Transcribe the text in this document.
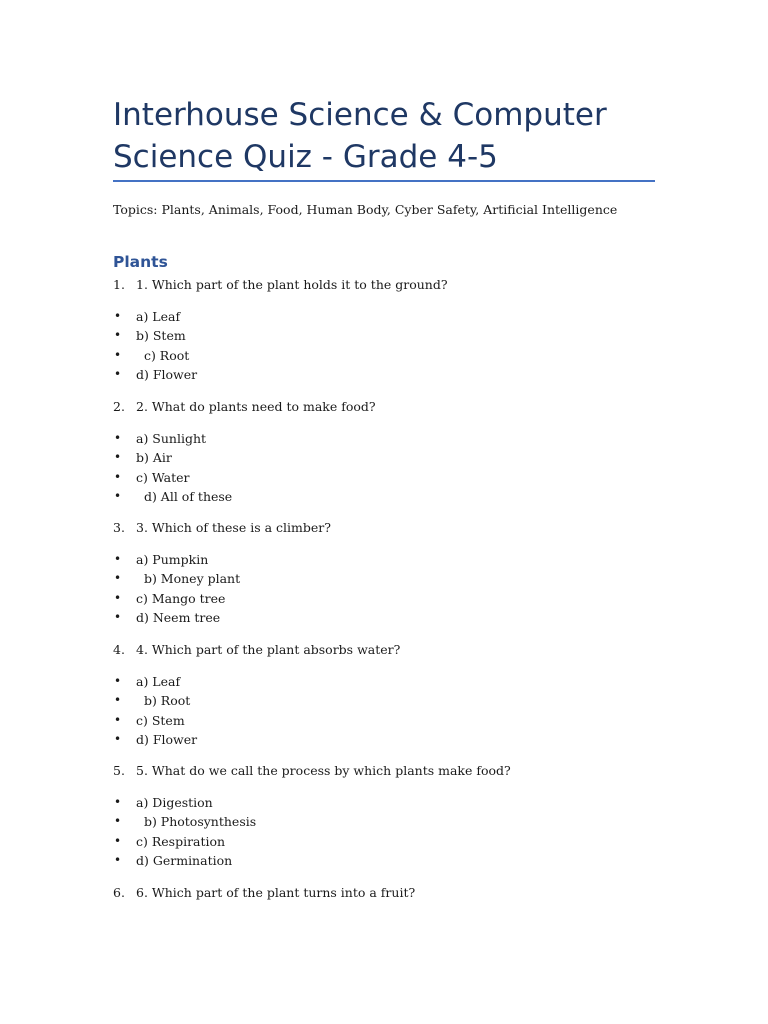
Interhouse Science & Computer Science Quiz - Grade 4-5
Topics: Plants, Animals, Food, Human Body, Cyber Safety, Artificial Intelligence
Plants
1. 1. Which part of the plant holds it to the ground?
• a) Leaf
• b) Stem
• c) Root
• d) Flower
2. 2. What do plants need to make food?
• a) Sunlight
• b) Air
• c) Water
• d) All of these
3. 3. Which of these is a climber?
• a) Pumpkin
• b) Money plant
• c) Mango tree
• d) Neem tree
4. 4. Which part of the plant absorbs water?
• a) Leaf
• b) Root
• c) Stem
• d) Flower
5. 5. What do we call the process by which plants make food?
• a) Digestion
• b) Photosynthesis
• c) Respiration
• d) Germination
6. 6. Which part of the plant turns into a fruit?
